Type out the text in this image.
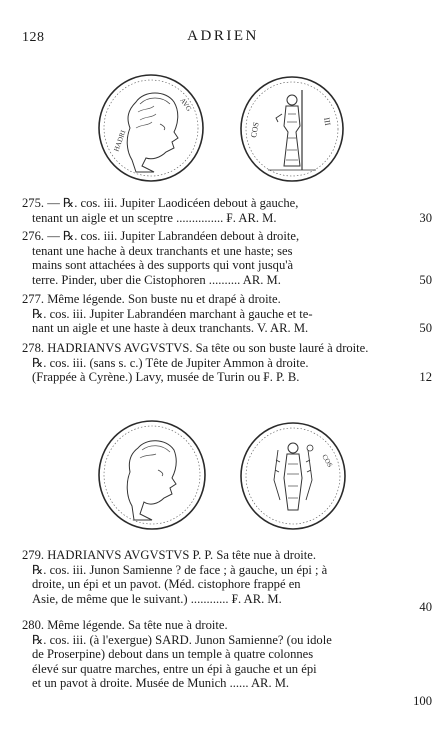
128	ADRIEN
HADRI
AVG
COS	III
275. — ℞. cos. iii. Jupiter Laodicéen debout à gauche,
tenant un aigle et un sceptre ............... ₣. AR. M.	30
276. — ℞. cos. iii. Jupiter Labrandéen debout à droite,
tenant une hache à deux tranchants et une haste; ses
mains sont attachées à des supports qui vont jusqu'à
terre. Pinder, uber die Cistophoren .......... AR. M.	50
277. Même légende. Son buste nu et drapé à droite.
℞. cos. iii. Jupiter Labrandéen marchant à gauche et te-
nant un aigle et une haste à deux tranchants. V. AR. M.	50
278. HADRIANVS AVGVSTVS. Sa tête ou son buste lauré à droite.
℞. cos. iii. (sans s. c.) Tête de Jupiter Ammon à droite.
(Frappée à Cyrène.) Lavy, musée de Turin ou ₣. P. B.	12
COS
279. HADRIANVS AVGVSTVS P. P. Sa tête nue à droite.
℞. cos. iii. Junon Samienne ? de face ; à gauche, un épi ; à
droite, un épi et un pavot. (Méd. cistophore frappé en
Asie, de même que le suivant.) ............ ₣. AR. M.
40
280. Même légende. Sa tête nue à droite.
℞. cos. iii. (à l'exergue) SARD. Junon Samienne? (ou idole
de Proserpine) debout dans un temple à quatre colonnes
élevé sur quatre marches, entre un épi à gauche et un épi
et un pavot à droite. Musée de Munich ...... AR. M.
100
